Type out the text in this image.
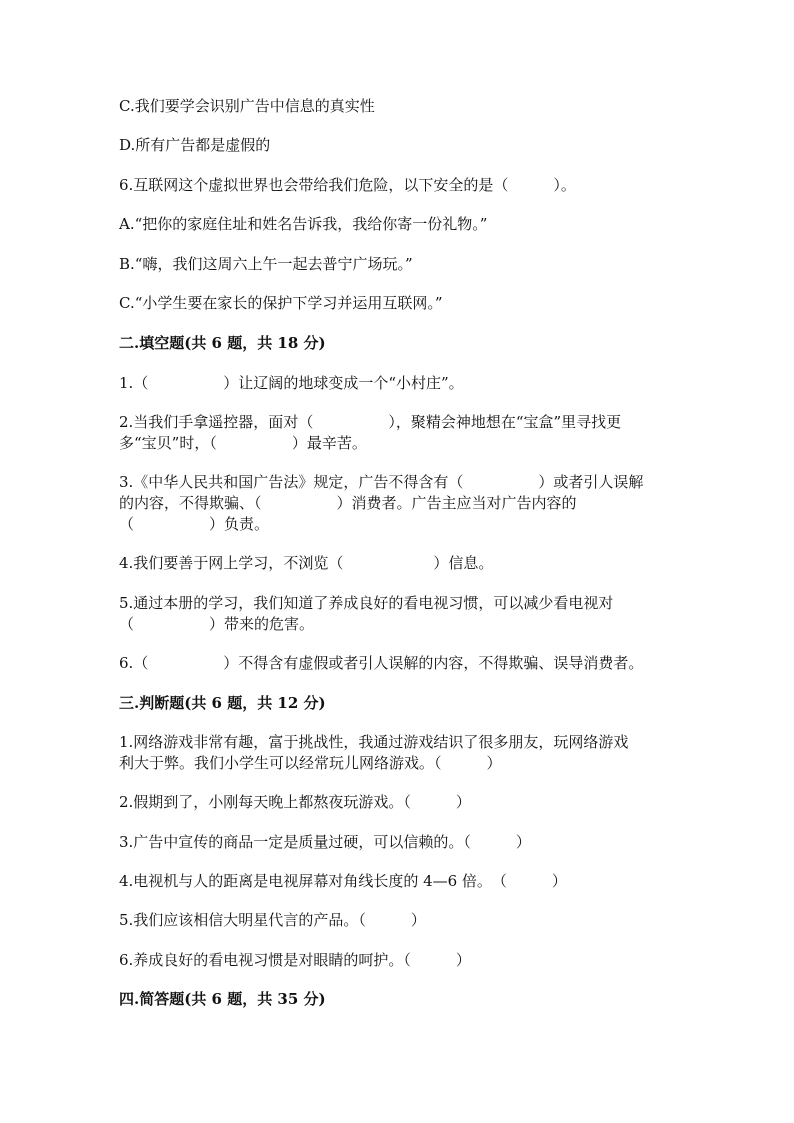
C.我们要学会识别广告中信息的真实性
D.所有广告都是虚假的
6.互联网这个虚拟世界也会带给我们危险，以下安全的是（　　　）。
A.“把你的家庭住址和姓名告诉我，我给你寄一份礼物。”
B.“嗨，我们这周六上午一起去普宁广场玩。”
C.“小学生要在家长的保护下学习并运用互联网。”
二.填空题(共 6 题，共 18 分)
1.（　　　　　）让辽阔的地球变成一个“小村庄”。
2.当我们手拿遥控器，面对（　　　　　），聚精会神地想在“宝盒”里寻找更
多“宝贝”时，（　　　　　）最辛苦。
3.《中华人民共和国广告法》规定，广告不得含有（　　　　　）或者引人误解
的内容，不得欺骗、（　　　　　）消费者。广告主应当对广告内容的
（　　　　　）负责。
4.我们要善于网上学习，不浏览（　　　　　　）信息。
5.通过本册的学习，我们知道了养成良好的看电视习惯，可以减少看电视对
（　　　　　）带来的危害。
6.（　　　　　）不得含有虚假或者引人误解的内容，不得欺骗、误导消费者。
三.判断题(共 6 题，共 12 分)
1.网络游戏非常有趣，富于挑战性，我通过游戏结识了很多朋友，玩网络游戏
利大于弊。我们小学生可以经常玩儿网络游戏。（　　　）
2.假期到了，小刚每天晚上都熬夜玩游戏。（　　　）
3.广告中宣传的商品一定是质量过硬，可以信赖的。（　　　）
4.电视机与人的距离是电视屏幕对角线长度的 4—6 倍。　（　　　）
5.我们应该相信大明星代言的产品。（　　　）
6.养成良好的看电视习惯是对眼睛的呵护。（　　　）
四.简答题(共 6 题，共 35 分)
